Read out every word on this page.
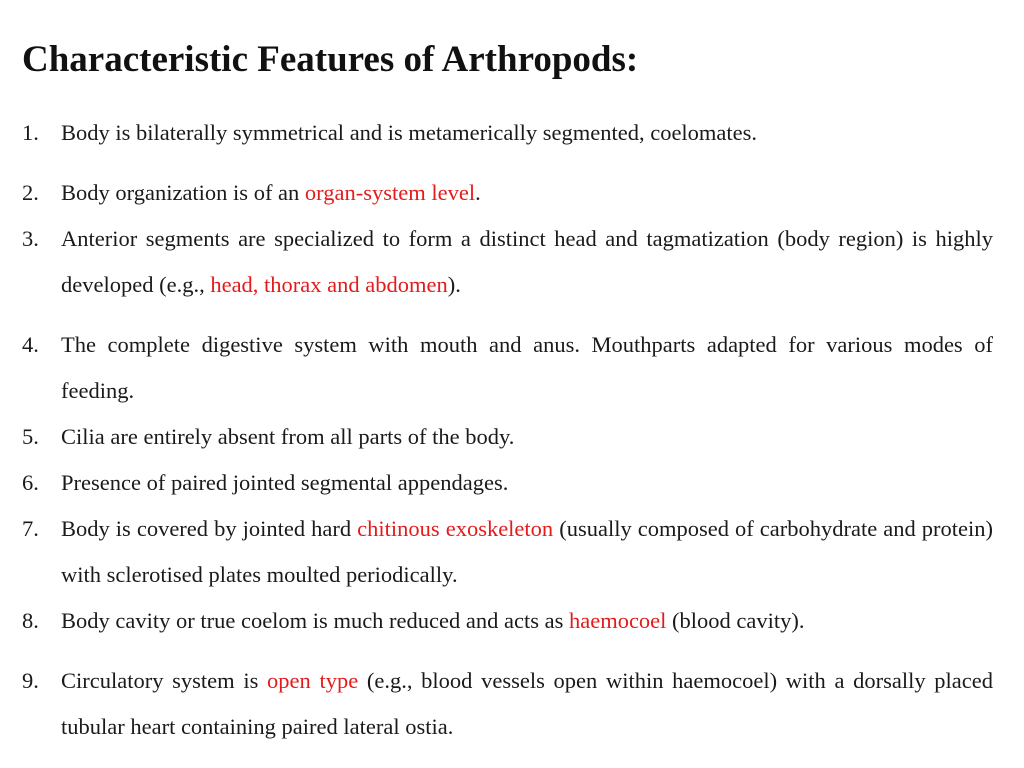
Characteristic Features of Arthropods:
1. Body is bilaterally symmetrical and is metamerically segmented, coelomates.
2. Body organization is of an organ-system level.
3. Anterior segments are specialized to form a distinct head and tagmatization (body region) is highly developed (e.g., head, thorax and abdomen).
4. The complete digestive system with mouth and anus. Mouthparts adapted for various modes of feeding.
5. Cilia are entirely absent from all parts of the body.
6. Presence of paired jointed segmental appendages.
7. Body is covered by jointed hard chitinous exoskeleton (usually composed of carbohydrate and protein) with sclerotised plates moulted periodically.
8. Body cavity or true coelom is much reduced and acts as haemocoel (blood cavity).
9. Circulatory system is open type (e.g., blood vessels open within haemocoel) with a dorsally placed tubular heart containing paired lateral ostia.
